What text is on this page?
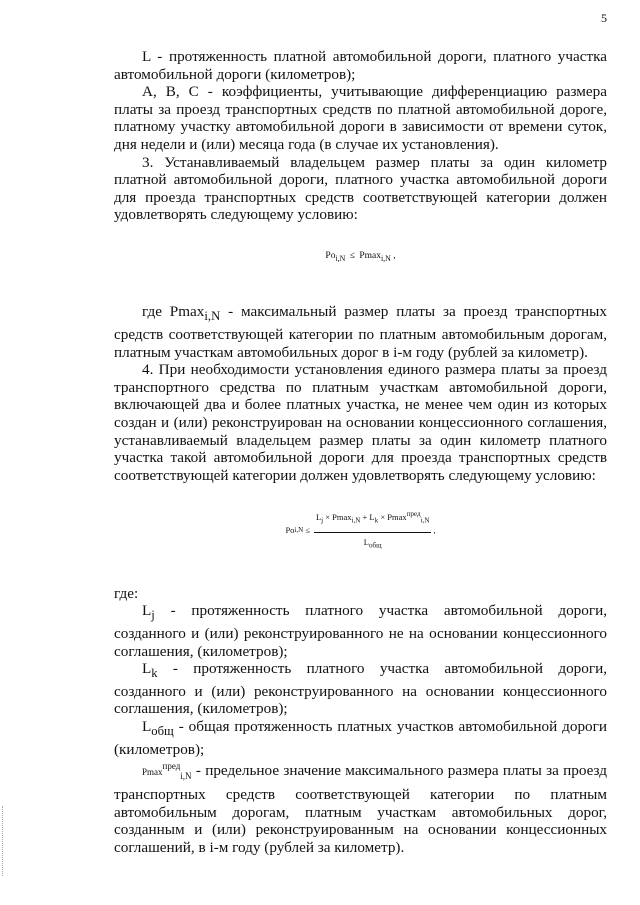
5

L - протяженность платной автомобильной дороги, платного участка автомобильной дороги (километров);

А, В, С - коэффициенты, учитывающие дифференциацию размера платы за проезд транспортных средств по платной автомобильной дороге, платному участку автомобильной дороги в зависимости от времени суток, дня недели и (или) месяца года (в случае их установления).

3. Устанавливаемый владельцем размер платы за один километр платной автомобильной дороги, платного участка автомобильной дороги для проезда транспортных средств соответствующей категории должен удовлетворять следующему условию:

$Po_{i,N} \le Pmax_{i,N}$ ,

где Pmax$_{i,N}$ - максимальный размер платы за проезд транспортных средств соответствующей категории по платным автомобильным дорогам, платным участкам автомобильных дорог в i-м году (рублей за километр).

4. При необходимости установления единого размера платы за проезд транспортного средства по платным участкам автомобильной дороги, включающей два и более платных участка, не менее чем один из которых создан и (или) реконструирован на основании концессионного соглашения, устанавливаемый владельцем размер платы за один километр платного участка такой автомобильной дороги для проезда транспортных средств соответствующей категории должен удовлетворять следующему условию:

Po $i,N \le \frac{L_j \times Pmax_{i,N} + L_k \times Pmax^{пред}_{i,N}}{L_{общ}}$ ,

где:

$L_j$ - протяженность платного участка автомобильной дороги, созданного и (или) реконструированного не на основании концессионного соглашения, (километров);

$L_k$ - протяженность платного участка автомобильной дороги, созданного и (или) реконструированного на основании концессионного соглашения, (километров);

$L_{общ}$ - общая протяженность платных участков автомобильной дороги (километров);

Pmax$^{пред}_{i,N}$ - предельное значение максимального размера платы за проезд транспортных средств соответствующей категории по платным автомобильным дорогам, платным участкам автомобильных дорог, созданным и (или) реконструированным на основании концессионных соглашений, в i-м году (рублей за километр).
